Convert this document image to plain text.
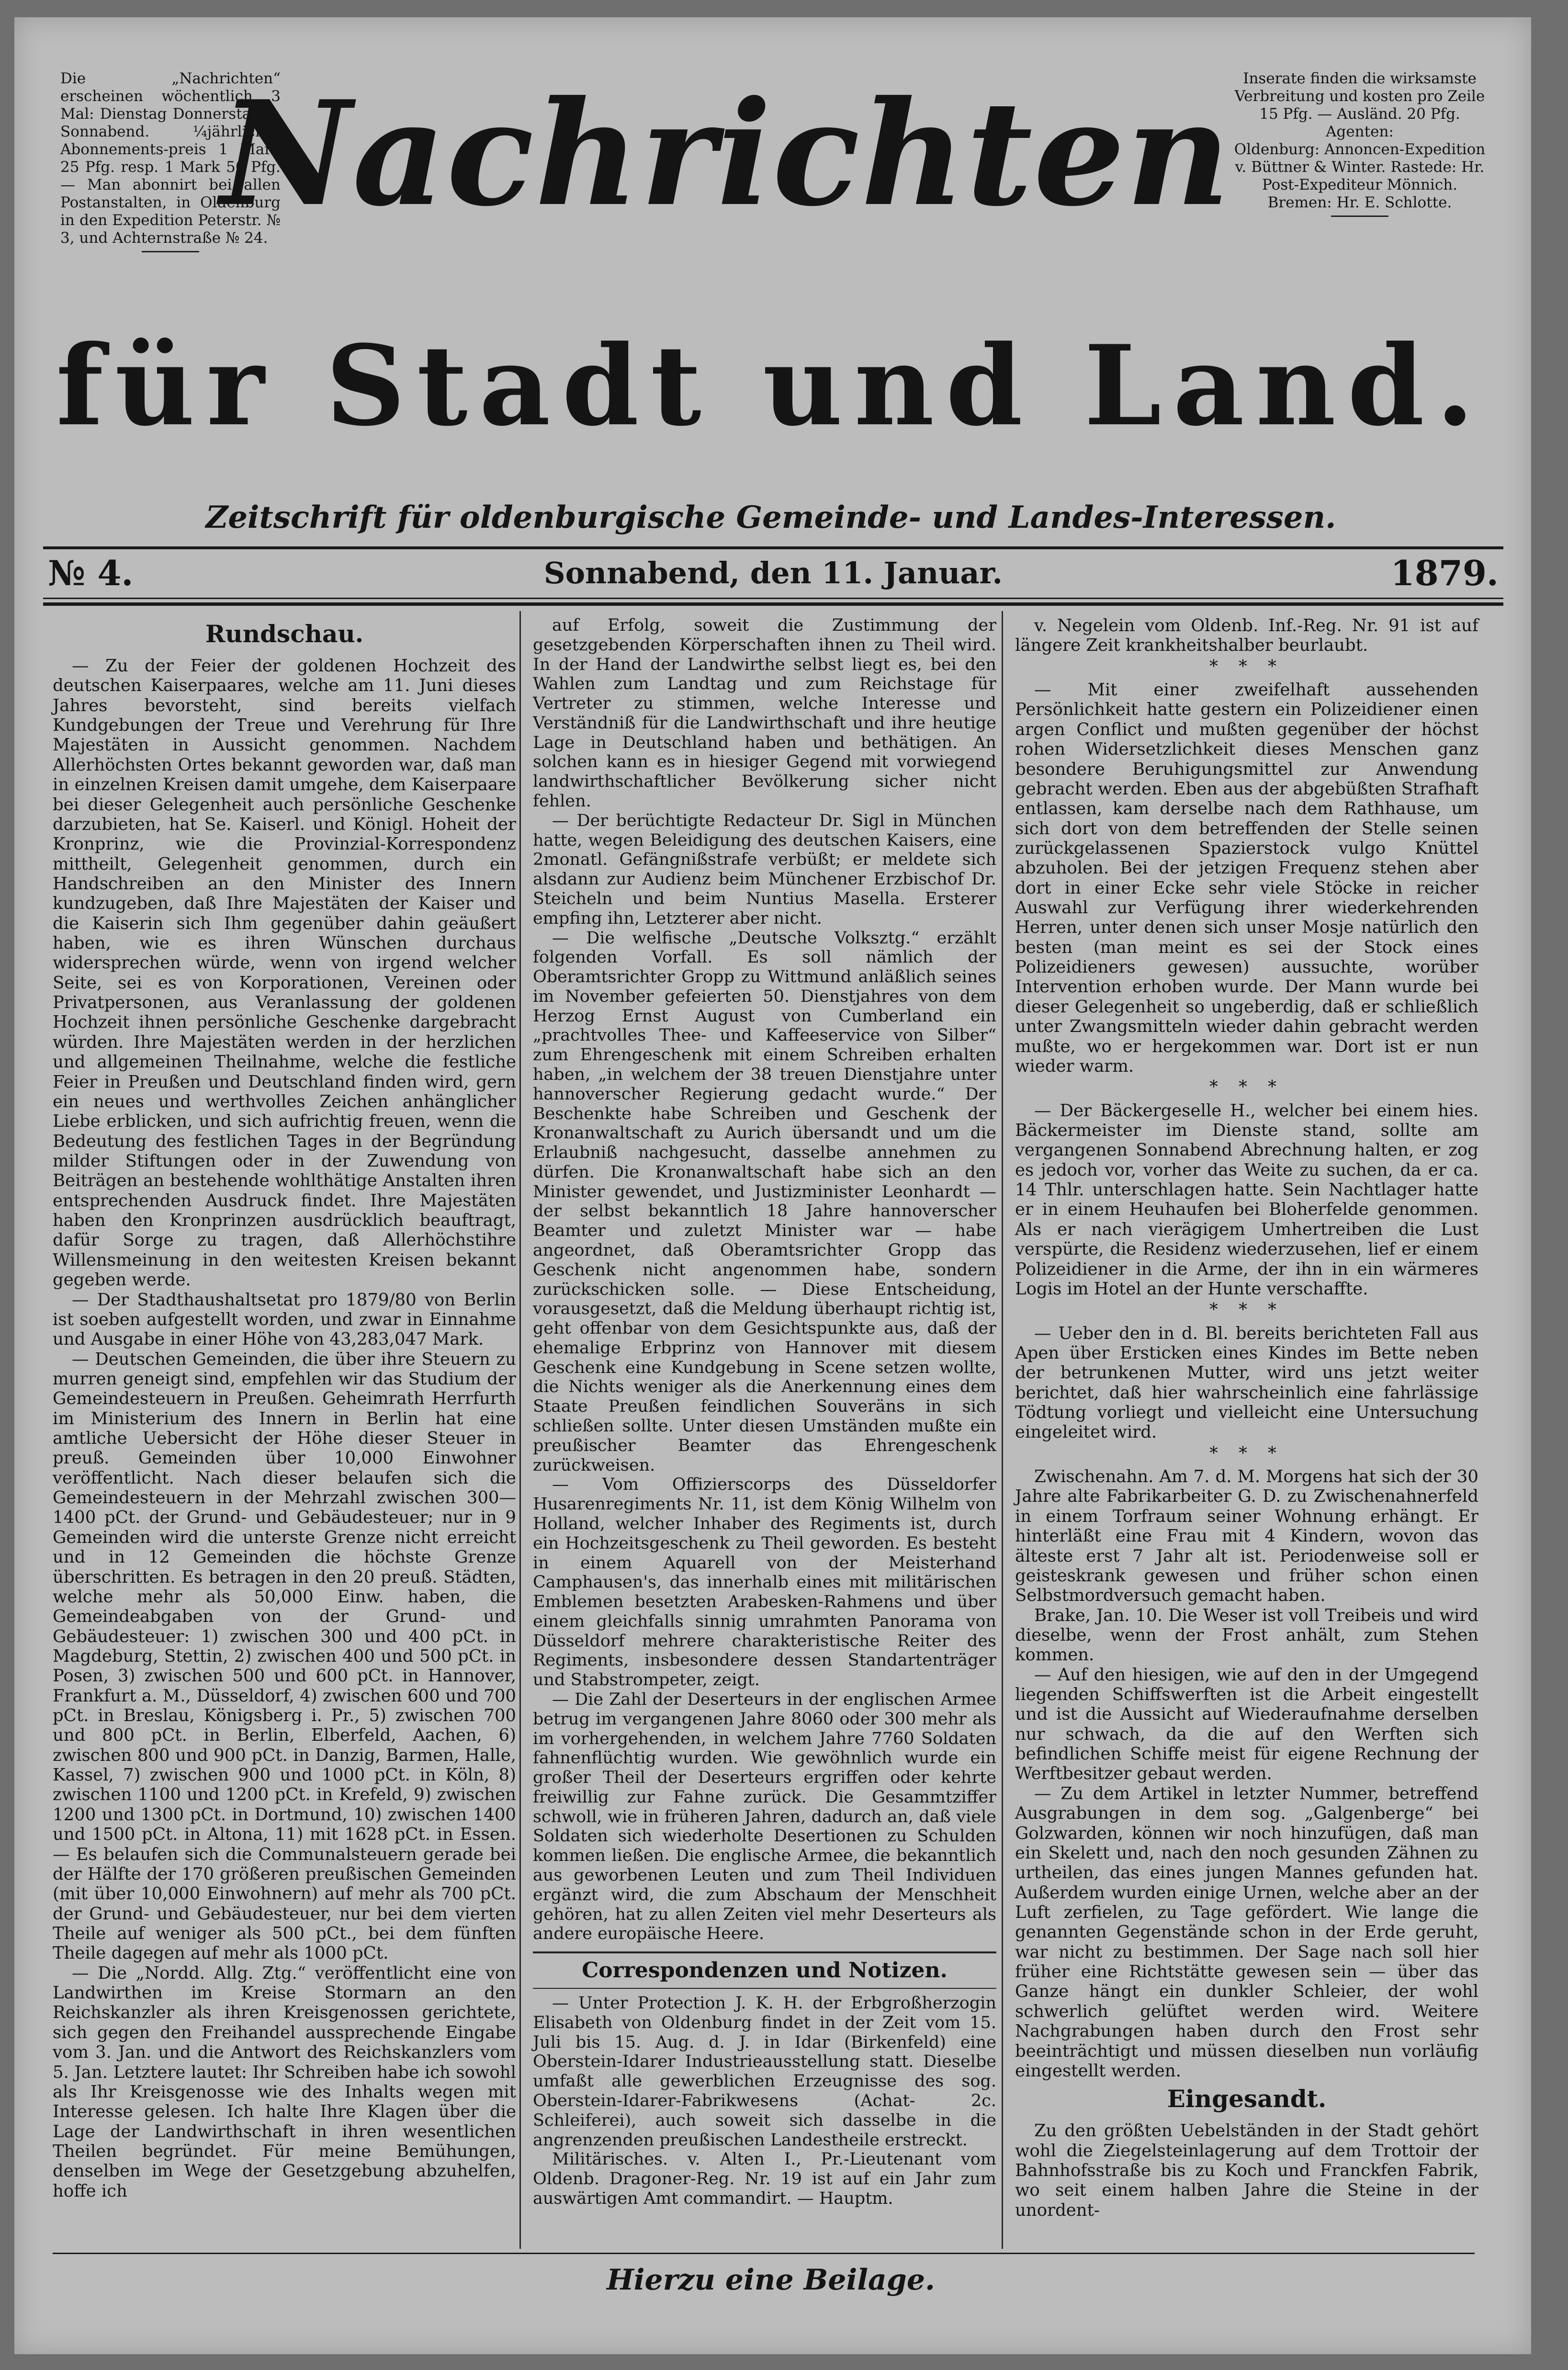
Die „Nachrichten“ erscheinen wöchentlich 3 Mal: Dienstag Donnerstag u. Sonnabend. ¼jährlicher Abonnements-preis 1 Mark 25 Pfg. resp. 1 Mark 50 Pfg. — Man abonnirt bei allen Postanstalten, in Oldenburg in den Expedition Peterstr. № 3, und Achternstraße № 24.

Inserate finden die wirksamste Verbreitung und kosten pro Zeile 15 Pfg. — Ausländ. 20 Pfg.

Agenten:

Oldenburg: Annoncen-Expedition v. Büttner & Winter. Rastede: Hr. Post-Expediteur Mönnich. Bremen: Hr. E. Schlotte.

Nachrichten
für Stadt und Land.
Zeitschrift für oldenburgische Gemeinde- und Landes-Interessen.
№ 4.	Sonnabend, den 11. Januar.	1879.

Rundschau.

— Zu der Feier der goldenen Hochzeit des deutschen Kaiserpaares, welche am 11. Juni dieses Jahres bevorsteht, sind bereits vielfach Kundgebungen der Treue und Verehrung für Ihre Majestäten in Aussicht genommen. Nachdem Allerhöchsten Ortes bekannt geworden war, daß man in einzelnen Kreisen damit umgehe, dem Kaiserpaare bei dieser Gelegenheit auch persönliche Geschenke darzubieten, hat Se. Kaiserl. und Königl. Hoheit der Kronprinz, wie die Provinzial-Korrespondenz mittheilt, Gelegenheit genommen, durch ein Handschreiben an den Minister des Innern kundzugeben, daß Ihre Majestäten der Kaiser und die Kaiserin sich Ihm gegenüber dahin geäußert haben, wie es ihren Wünschen durchaus widersprechen würde, wenn von irgend welcher Seite, sei es von Korporationen, Vereinen oder Privatpersonen, aus Veranlassung der goldenen Hochzeit ihnen persönliche Geschenke dargebracht würden. Ihre Majestäten werden in der herzlichen und allgemeinen Theilnahme, welche die festliche Feier in Preußen und Deutschland finden wird, gern ein neues und werthvolles Zeichen anhänglicher Liebe erblicken, und sich aufrichtig freuen, wenn die Bedeutung des festlichen Tages in der Begründung milder Stiftungen oder in der Zuwendung von Beiträgen an bestehende wohlthätige Anstalten ihren entsprechenden Ausdruck findet. Ihre Majestäten haben den Kronprinzen ausdrücklich beauftragt, dafür Sorge zu tragen, daß Allerhöchstihre Willensmeinung in den weitesten Kreisen bekannt gegeben werde.

— Der Stadthaushaltsetat pro 1879/80 von Berlin ist soeben aufgestellt worden, und zwar in Einnahme und Ausgabe in einer Höhe von 43,283,047 Mark.

— Deutschen Gemeinden, die über ihre Steuern zu murren geneigt sind, empfehlen wir das Studium der Gemeindesteuern in Preußen. Geheimrath Herrfurth im Ministerium des Innern in Berlin hat eine amtliche Uebersicht der Höhe dieser Steuer in preuß. Gemeinden über 10,000 Einwohner veröffentlicht. Nach dieser belaufen sich die Gemeindesteuern in der Mehrzahl zwischen 300—1400 pCt. der Grund- und Gebäudesteuer; nur in 9 Gemeinden wird die unterste Grenze nicht erreicht und in 12 Gemeinden die höchste Grenze überschritten. Es betragen in den 20 preuß. Städten, welche mehr als 50,000 Einw. haben, die Gemeindeabgaben von der Grund- und Gebäudesteuer: 1) zwischen 300 und 400 pCt. in Magdeburg, Stettin, 2) zwischen 400 und 500 pCt. in Posen, 3) zwischen 500 und 600 pCt. in Hannover, Frankfurt a. M., Düsseldorf, 4) zwischen 600 und 700 pCt. in Breslau, Königsberg i. Pr., 5) zwischen 700 und 800 pCt. in Berlin, Elberfeld, Aachen, 6) zwischen 800 und 900 pCt. in Danzig, Barmen, Halle, Kassel, 7) zwischen 900 und 1000 pCt. in Köln, 8) zwischen 1100 und 1200 pCt. in Krefeld, 9) zwischen 1200 und 1300 pCt. in Dortmund, 10) zwischen 1400 und 1500 pCt. in Altona, 11) mit 1628 pCt. in Essen. — Es belaufen sich die Communalsteuern gerade bei der Hälfte der 170 größeren preußischen Gemeinden (mit über 10,000 Einwohnern) auf mehr als 700 pCt. der Grund- und Gebäudesteuer, nur bei dem vierten Theile auf weniger als 500 pCt., bei dem fünften Theile dagegen auf mehr als 1000 pCt.

— Die „Nordd. Allg. Ztg.“ veröffentlicht eine von Landwirthen im Kreise Stormarn an den Reichskanzler als ihren Kreisgenossen gerichtete, sich gegen den Freihandel aussprechende Eingabe vom 3. Jan. und die Antwort des Reichskanzlers vom 5. Jan. Letztere lautet: Ihr Schreiben habe ich sowohl als Ihr Kreisgenosse wie des Inhalts wegen mit Interesse gelesen. Ich halte Ihre Klagen über die Lage der Landwirthschaft in ihren wesentlichen Theilen begründet. Für meine Bemühungen, denselben im Wege der Gesetzgebung abzuhelfen, hoffe ich

auf Erfolg, soweit die Zustimmung der gesetzgebenden Körperschaften ihnen zu Theil wird. In der Hand der Landwirthe selbst liegt es, bei den Wahlen zum Landtag und zum Reichstage für Vertreter zu stimmen, welche Interesse und Verständniß für die Landwirthschaft und ihre heutige Lage in Deutschland haben und bethätigen. An solchen kann es in hiesiger Gegend mit vorwiegend landwirthschaftlicher Bevölkerung sicher nicht fehlen.

— Der berüchtigte Redacteur Dr. Sigl in München hatte, wegen Beleidigung des deutschen Kaisers, eine 2monatl. Gefängnißstrafe verbüßt; er meldete sich alsdann zur Audienz beim Münchener Erzbischof Dr. Steicheln und beim Nuntius Masella. Ersterer empfing ihn, Letzterer aber nicht.

— Die welfische „Deutsche Volksztg.“ erzählt folgenden Vorfall. Es soll nämlich der Oberamtsrichter Gropp zu Wittmund anläßlich seines im November gefeierten 50. Dienstjahres von dem Herzog Ernst August von Cumberland ein „prachtvolles Thee- und Kaffeeservice von Silber“ zum Ehrengeschenk mit einem Schreiben erhalten haben, „in welchem der 38 treuen Dienstjahre unter hannoverscher Regierung gedacht wurde.“ Der Beschenkte habe Schreiben und Geschenk der Kronanwaltschaft zu Aurich übersandt und um die Erlaubniß nachgesucht, dasselbe annehmen zu dürfen. Die Kronanwaltschaft habe sich an den Minister gewendet, und Justizminister Leonhardt — der selbst bekanntlich 18 Jahre hannoverscher Beamter und zuletzt Minister war — habe angeordnet, daß Oberamtsrichter Gropp das Geschenk nicht angenommen habe, sondern zurückschicken solle. — Diese Entscheidung, vorausgesetzt, daß die Meldung überhaupt richtig ist, geht offenbar von dem Gesichtspunkte aus, daß der ehemalige Erbprinz von Hannover mit diesem Geschenk eine Kundgebung in Scene setzen wollte, die Nichts weniger als die Anerkennung eines dem Staate Preußen feindlichen Souveräns in sich schließen sollte. Unter diesen Umständen mußte ein preußischer Beamter das Ehrengeschenk zurückweisen.

— Vom Offizierscorps des Düsseldorfer Husarenregiments Nr. 11, ist dem König Wilhelm von Holland, welcher Inhaber des Regiments ist, durch ein Hochzeitsgeschenk zu Theil geworden. Es besteht in einem Aquarell von der Meisterhand Camphausen's, das innerhalb eines mit militärischen Emblemen besetzten Arabesken-Rahmens und über einem gleichfalls sinnig umrahmten Panorama von Düsseldorf mehrere charakteristische Reiter des Regiments, insbesondere dessen Standartenträger und Stabstrompeter, zeigt.

— Die Zahl der Deserteurs in der englischen Armee betrug im vergangenen Jahre 8060 oder 300 mehr als im vorhergehenden, in welchem Jahre 7760 Soldaten fahnenflüchtig wurden. Wie gewöhnlich wurde ein großer Theil der Deserteurs ergriffen oder kehrte freiwillig zur Fahne zurück. Die Gesammtziffer schwoll, wie in früheren Jahren, dadurch an, daß viele Soldaten sich wiederholte Desertionen zu Schulden kommen ließen. Die englische Armee, die bekanntlich aus geworbenen Leuten und zum Theil Individuen ergänzt wird, die zum Abschaum der Menschheit gehören, hat zu allen Zeiten viel mehr Deserteurs als andere europäische Heere.

Correspondenzen und Notizen.

— Unter Protection J. K. H. der Erbgroßherzogin Elisabeth von Oldenburg findet in der Zeit vom 15. Juli bis 15. Aug. d. J. in Idar (Birkenfeld) eine Oberstein-Idarer Industrieausstellung statt. Dieselbe umfaßt alle gewerblichen Erzeugnisse des sog. Oberstein-Idarer-Fabrikwesens (Achat- 2c. Schleiferei), auch soweit sich dasselbe in die angrenzenden preußischen Landestheile erstreckt.

Militärisches. v. Alten I., Pr.-Lieutenant vom Oldenb. Dragoner-Reg. Nr. 19 ist auf ein Jahr zum auswärtigen Amt commandirt. — Hauptm.

v. Negelein vom Oldenb. Inf.-Reg. Nr. 91 ist auf längere Zeit krankheitshalber beurlaubt.

* * *

— Mit einer zweifelhaft aussehenden Persönlichkeit hatte gestern ein Polizeidiener einen argen Conflict und mußten gegenüber der höchst rohen Widersetzlichkeit dieses Menschen ganz besondere Beruhigungsmittel zur Anwendung gebracht werden. Eben aus der abgebüßten Strafhaft entlassen, kam derselbe nach dem Rathhause, um sich dort von dem betreffenden der Stelle seinen zurückgelassenen Spazierstock vulgo Knüttel abzuholen. Bei der jetzigen Frequenz stehen aber dort in einer Ecke sehr viele Stöcke in reicher Auswahl zur Verfügung ihrer wiederkehrenden Herren, unter denen sich unser Mosje natürlich den besten (man meint es sei der Stock eines Polizeidieners gewesen) aussuchte, worüber Intervention erhoben wurde. Der Mann wurde bei dieser Gelegenheit so ungeberdig, daß er schließlich unter Zwangsmitteln wieder dahin gebracht werden mußte, wo er hergekommen war. Dort ist er nun wieder warm.

* * *

— Der Bäckergeselle H., welcher bei einem hies. Bäckermeister im Dienste stand, sollte am vergangenen Sonnabend Abrechnung halten, er zog es jedoch vor, vorher das Weite zu suchen, da er ca. 14 Thlr. unterschlagen hatte. Sein Nachtlager hatte er in einem Heuhaufen bei Bloherfelde genommen. Als er nach vierägigem Umhertreiben die Lust verspürte, die Residenz wiederzusehen, lief er einem Polizeidiener in die Arme, der ihn in ein wärmeres Logis im Hotel an der Hunte verschaffte.

* * *

— Ueber den in d. Bl. bereits berichteten Fall aus Apen über Ersticken eines Kindes im Bette neben der betrunkenen Mutter, wird uns jetzt weiter berichtet, daß hier wahrscheinlich eine fahrlässige Tödtung vorliegt und vielleicht eine Untersuchung eingeleitet wird.

* * *

Zwischenahn. Am 7. d. M. Morgens hat sich der 30 Jahre alte Fabrikarbeiter G. D. zu Zwischenahnerfeld in einem Torfraum seiner Wohnung erhängt. Er hinterläßt eine Frau mit 4 Kindern, wovon das älteste erst 7 Jahr alt ist. Periodenweise soll er geisteskrank gewesen und früher schon einen Selbstmordversuch gemacht haben.

Brake, Jan. 10. Die Weser ist voll Treibeis und wird dieselbe, wenn der Frost anhält, zum Stehen kommen.

— Auf den hiesigen, wie auf den in der Umgegend liegenden Schiffswerften ist die Arbeit eingestellt und ist die Aussicht auf Wiederaufnahme derselben nur schwach, da die auf den Werften sich befindlichen Schiffe meist für eigene Rechnung der Werftbesitzer gebaut werden.

— Zu dem Artikel in letzter Nummer, betreffend Ausgrabungen in dem sog. „Galgenberge“ bei Golzwarden, können wir noch hinzufügen, daß man ein Skelett und, nach den noch gesunden Zähnen zu urtheilen, das eines jungen Mannes gefunden hat. Außerdem wurden einige Urnen, welche aber an der Luft zerfielen, zu Tage gefördert. Wie lange die genannten Gegenstände schon in der Erde geruht, war nicht zu bestimmen. Der Sage nach soll hier früher eine Richtstätte gewesen sein — über das Ganze hängt ein dunkler Schleier, der wohl schwerlich gelüftet werden wird. Weitere Nachgrabungen haben durch den Frost sehr beeinträchtigt und müssen dieselben nun vorläufig eingestellt werden.

Eingesandt.

Zu den größten Uebelständen in der Stadt gehört wohl die Ziegelsteinlagerung auf dem Trottoir der Bahnhofsstraße bis zu Koch und Franckfen Fabrik, wo seit einem halben Jahre die Steine in der unordent-

Hierzu eine Beilage.
